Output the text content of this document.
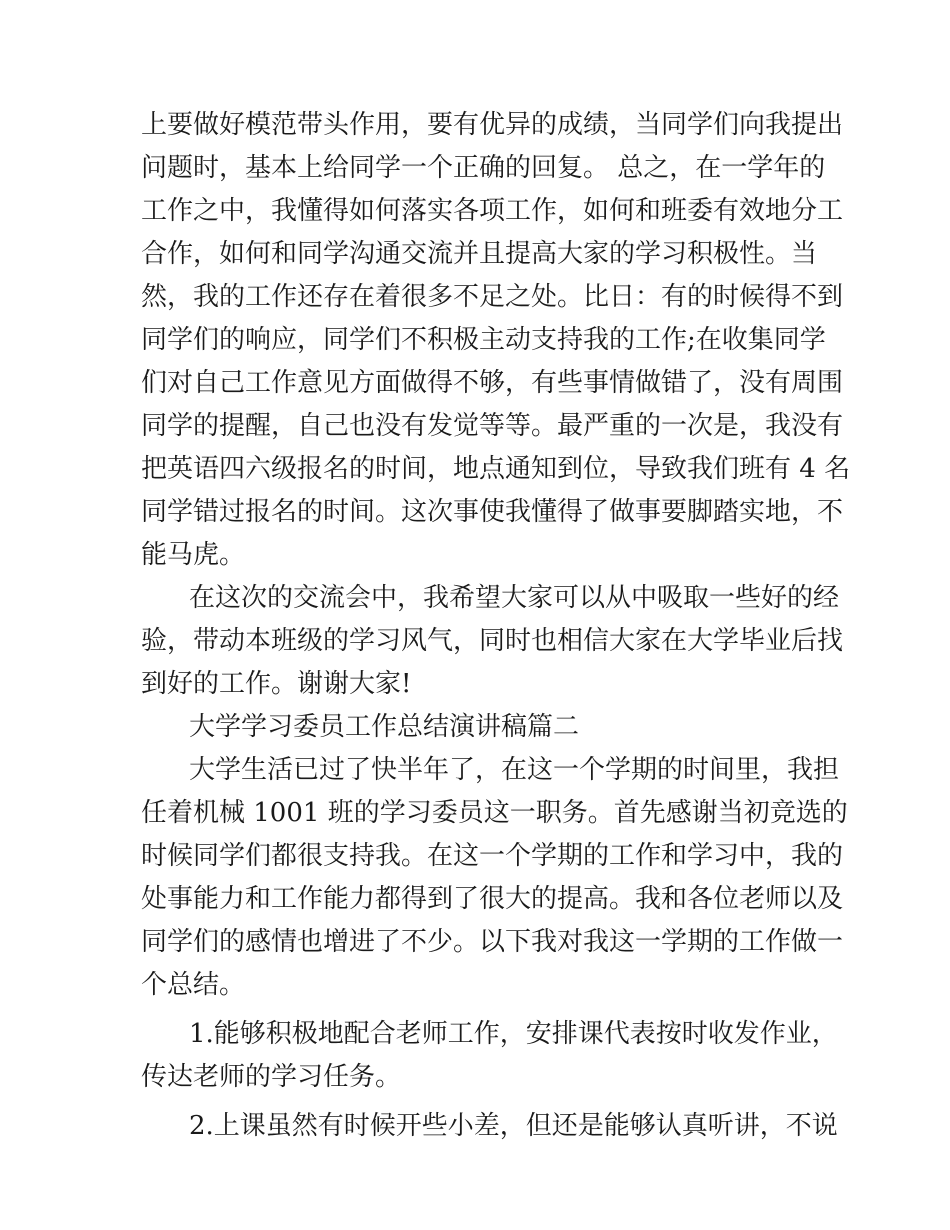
上要做好模范带头作用，要有优异的成绩，当同学们向我提出
问题时，基本上给同学一个正确的回复。 总之，在一学年的
工作之中，我懂得如何落实各项工作，如何和班委有效地分工
合作，如何和同学沟通交流并且提高大家的学习积极性。当
然，我的工作还存在着很多不足之处。比日：有的时候得不到
同学们的响应，同学们不积极主动支持我的工作;在收集同学
们对自己工作意见方面做得不够，有些事情做错了，没有周围
同学的提醒，自己也没有发觉等等。最严重的一次是，我没有
把英语四六级报名的时间，地点通知到位，导致我们班有 4 名
同学错过报名的时间。这次事使我懂得了做事要脚踏实地，不
能马虎。
在这次的交流会中，我希望大家可以从中吸取一些好的经
验，带动本班级的学习风气，同时也相信大家在大学毕业后找
到好的工作。谢谢大家!
大学学习委员工作总结演讲稿篇二
大学生活已过了快半年了，在这一个学期的时间里，我担
任着机械 1001 班的学习委员这一职务。首先感谢当初竞选的
时候同学们都很支持我。在这一个学期的工作和学习中，我的
处事能力和工作能力都得到了很大的提高。我和各位老师以及
同学们的感情也增进了不少。以下我对我这一学期的工作做一
个总结。
1.能够积极地配合老师工作，安排课代表按时收发作业，
传达老师的学习任务。
2.上课虽然有时候开些小差，但还是能够认真听讲，不说
